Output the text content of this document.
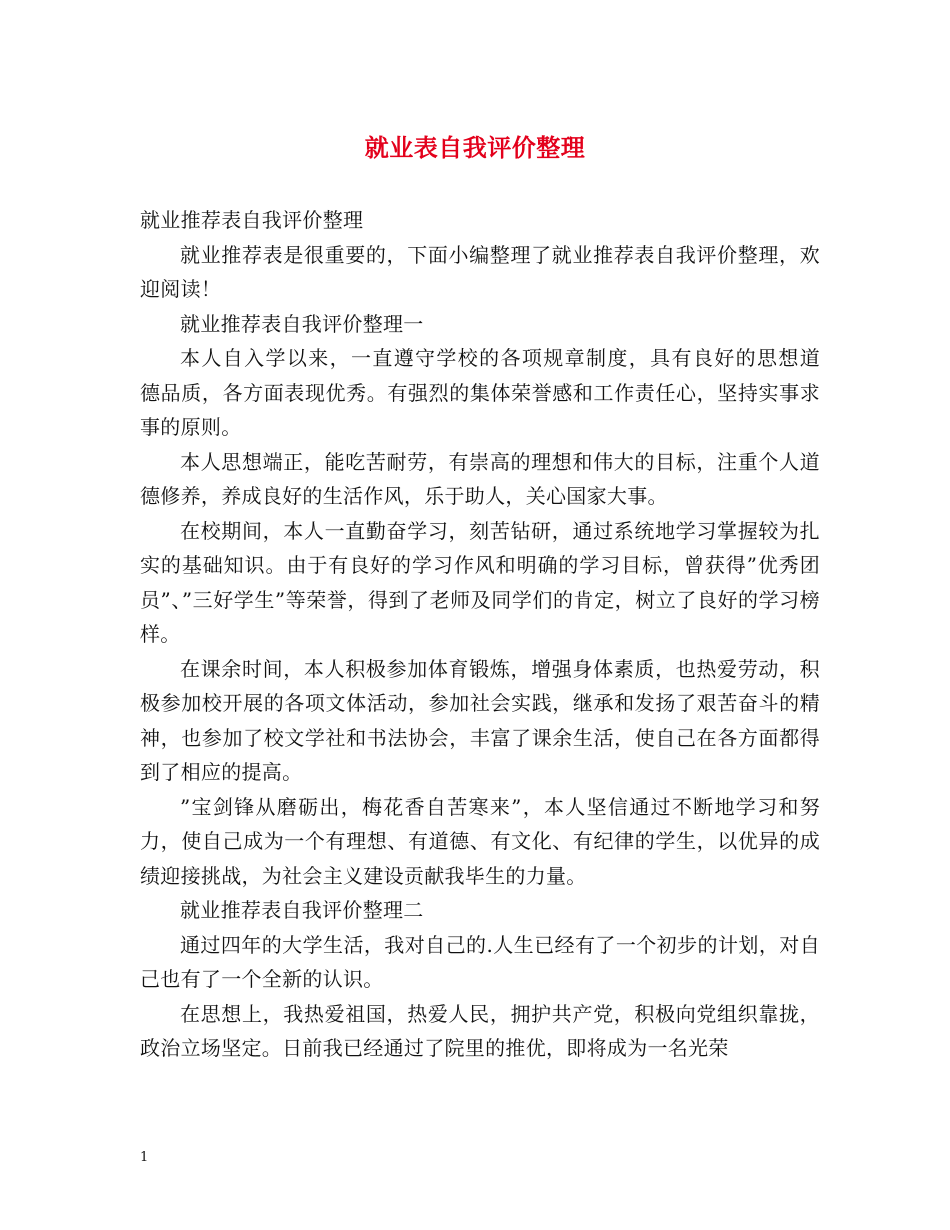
就业表自我评价整理

就业推荐表自我评价整理

就业推荐表是很重要的，下面小编整理了就业推荐表自我评价整理，欢迎阅读！

就业推荐表自我评价整理一

本人自入学以来，一直遵守学校的各项规章制度，具有良好的思想道　德品质，各方面表现优秀。有强烈的集体荣誉感和工作责任心，坚持实事求事的原则。

本人思想端正，能吃苦耐劳，有崇高的理想和伟大的目标，注重个人道德修养，养成良好的生活作风，乐于助人，关心国家大事。

在校期间，本人一直勤奋学习，刻苦钻研，通过系统地学习掌握较为扎实的基础知识。由于有良好的学习作风和明确的学习目标，曾获得”优秀团员”、”三好学生”等荣誉，得到了老师及同学们的肯定，树立了良好的学习榜样。

在课余时间，本人积极参加体育锻炼，增强身体素质，也热爱劳动，积极参加校开展的各项文体活动，参加社会实践，继承和发扬了艰苦奋斗的精神，也参加了校文学社和书法协会，丰富了课余生活，使自己在各方面都得到了相应的提高。

”宝剑锋从磨砺出，梅花香自苦寒来”，本人坚信通过不断地学习和努力，使自己成为一个有理想、有道德、有文化、有纪律的学生，以优异的成绩迎接挑战，为社会主义建设贡献我毕生的力量。

就业推荐表自我评价整理二

通过四年的大学生活，我对自己的.人生已经有了一个初步的计划，对自己也有了一个全新的认识。

在思想上，我热爱祖国，热爱人民，拥护共产党，积极向党组织靠拢，政治立场坚定。日前我已经通过了院里的推优，即将成为一名光荣

1
